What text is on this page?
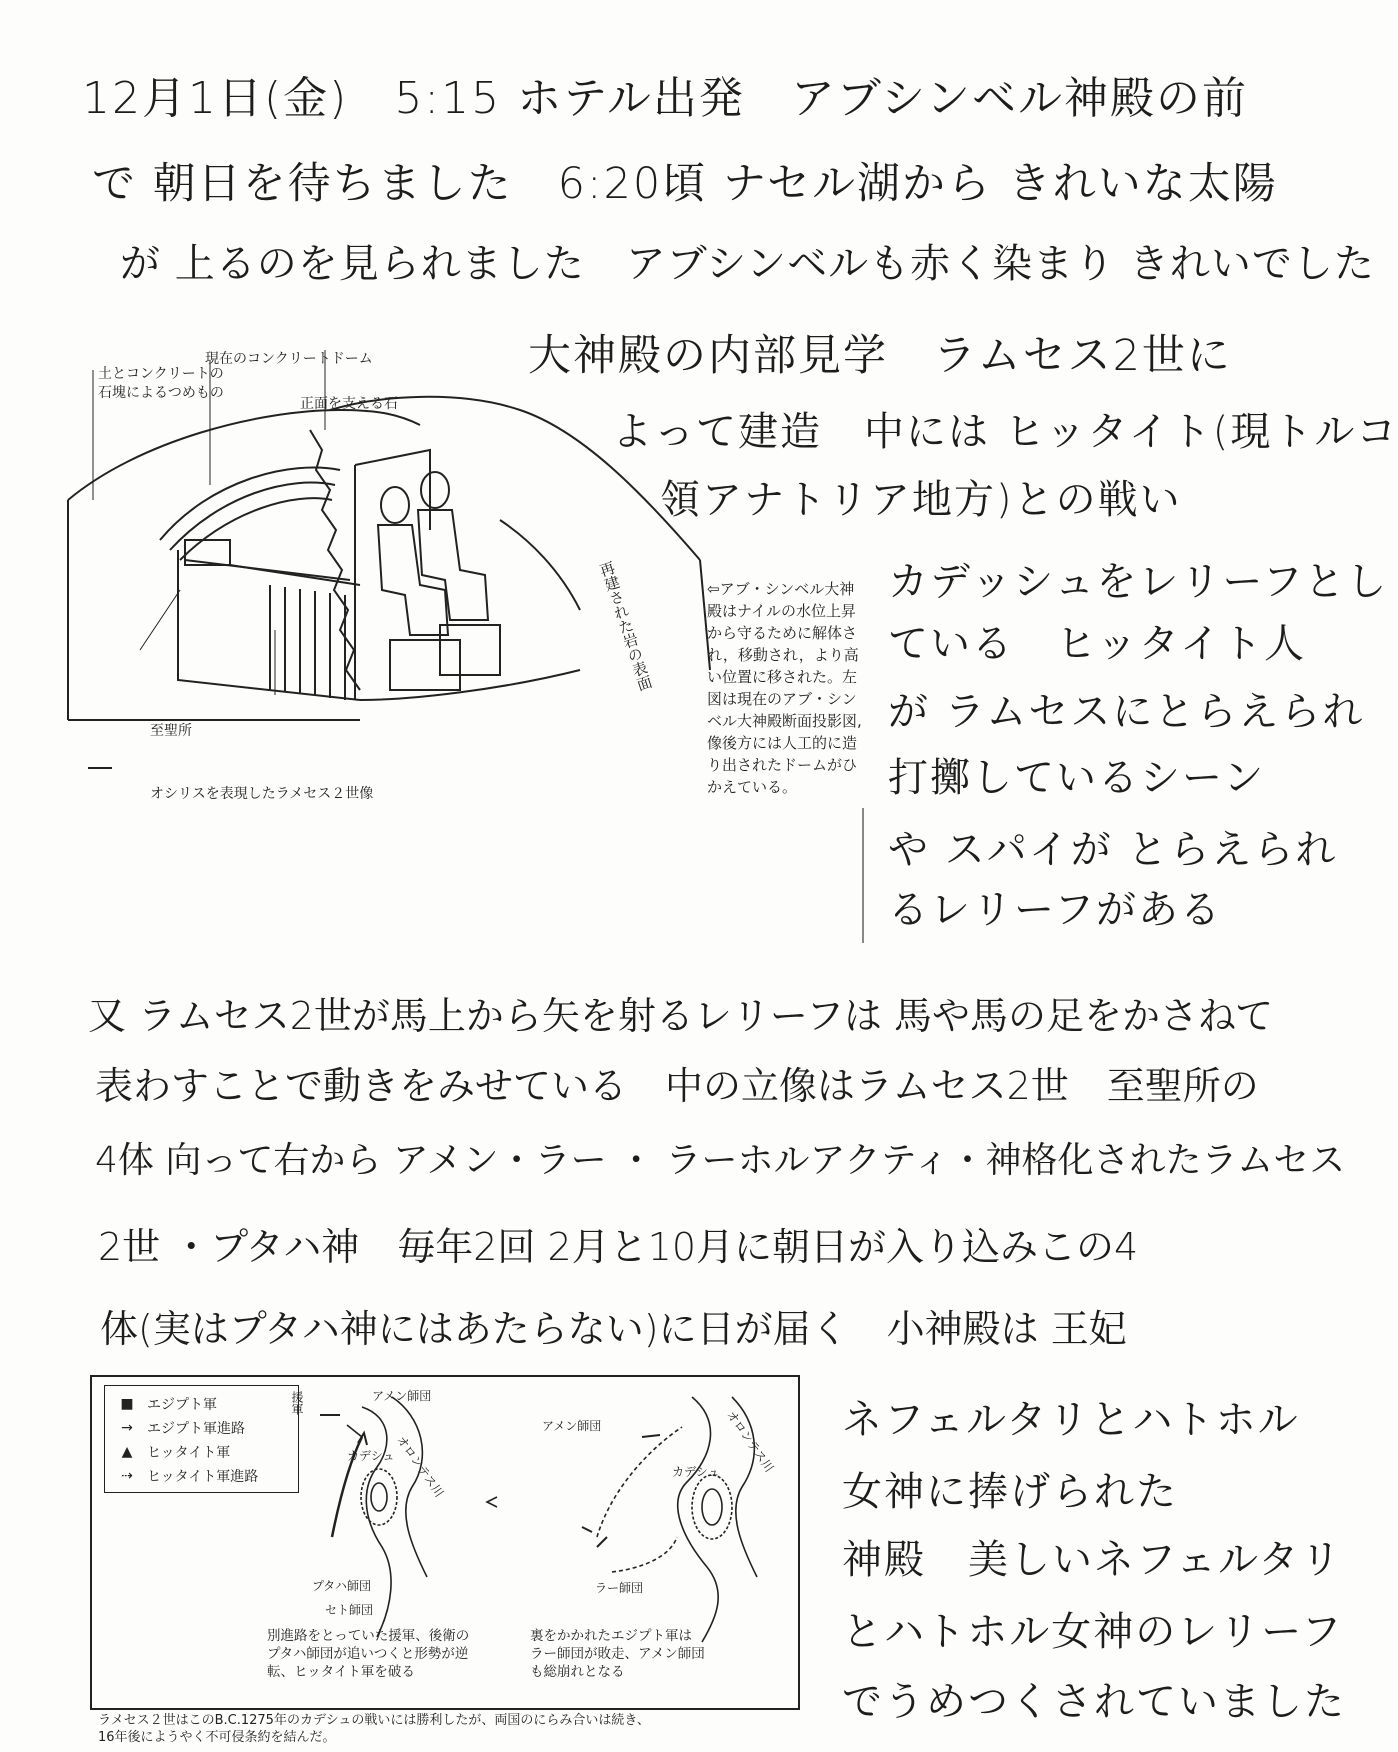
12月1日(金)　5:15 ホテル出発　アブシンベル神殿の前
で 朝日を待ちました　6:20頃 ナセル湖から きれいな太陽
が 上るのを見られました　アブシンベルも赤く染まり きれいでした
大神殿の内部見学　ラムセス2世に
よって建造　中には ヒッタイト(現トルコ
領アナトリア地方)との戦い
カデッシュをレリーフとし
ている　ヒッタイト人
が ラムセスにとらえられ
打擲しているシーン
や スパイが とらえられ
るレリーフがある
又 ラムセス2世が馬上から矢を射るレリーフは 馬や馬の足をかさねて
表わすことで動きをみせている　中の立像はラムセス2世　至聖所の
4体 向って右から アメン・ラー ・ ラーホルアクティ・神格化されたラムセス
2世 ・プタハ神　毎年2回 2月と10月に朝日が入り込みこの4
体(実はプタハ神にはあたらない)に日が届く　小神殿は 王妃
ネフェルタリとハトホル
女神に捧げられた
神殿　美しいネフェルタリ
とハトホル女神のレリーフ
でうめつくされていました
現在のコンクリートドーム
土とコンクリートの
石塊によるつめもの
正面を支える石
至聖所
オシリスを表現したラメセス２世像
再建された岩の表面	⇦アブ・シンベル大神
殿はナイルの水位上昇
から守るために解体さ
れ，移動され，より高
い位置に移された。左
図は現在のアブ・シン
ベル大神殿断面投影図,
像後方には人工的に造
り出されたドームがひ
かえている。
■ エジプト軍
→	エジプト軍進路
▲	ヒッタイト軍
⇢	ヒッタイト軍進路
援軍	アメン師団
カデシュ オロンテス川
プタハ師団
セト師団
別進路をとっていた援軍、後衛の
プタハ師団が追いつくと形勢が逆
転、ヒッタイト軍を破る
アメン師団
カデシュ オロンテス川
ラー師団
裏をかかれたエジプト軍は
ラー師団が敗走、アメン師団
も総崩れとなる
ラメセス２世はこのB.C.1275年のカデシュの戦いには勝利したが、両国のにらみ合いは続き、
16年後にようやく不可侵条約を結んだ。
